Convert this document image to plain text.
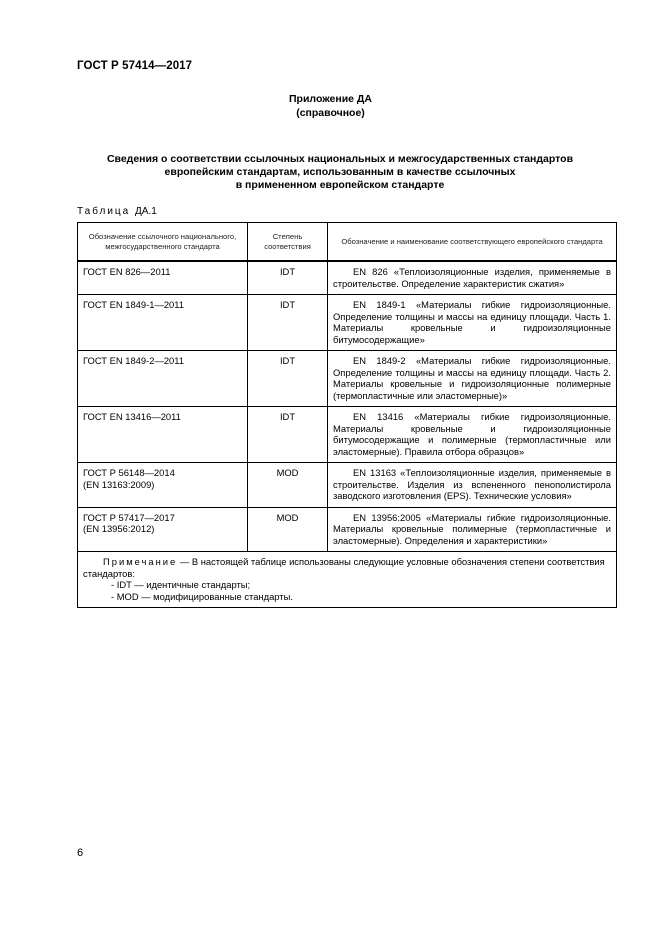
ГОСТ Р 57414—2017
Приложение ДА
(справочное)
Сведения о соответствии ссылочных национальных и межгосударственных стандартов
европейским стандартам, использованным в качестве ссылочных
в примененном европейском стандарте
Таблица ДА.1
Обозначение ссылочного национального, межгосударственного стандарта	Степень соответствия	Обозначение и наименование соответствующего европейского стандарта

ГОСТ EN 826—2011	IDT	EN 826 «Теплоизоляционные изделия, применяемые в строительстве. Определение характеристик сжатия»

ГОСТ EN 1849-1—2011	IDT	EN 1849-1 «Материалы гибкие гидроизоляционные. Определение толщины и массы на единицу площади. Часть 1. Материалы кровельные и гидроизоляционные битумосодержащие»

ГОСТ EN 1849-2—2011	IDT	EN 1849-2 «Материалы гибкие гидроизоляционные. Определение толщины и массы на единицу площади. Часть 2. Материалы кровельные и гидроизоляционные полимерные (термопластичные или эластомерные)»

ГОСТ EN 13416—2011	IDT	EN 13416 «Материалы гибкие гидроизоляционные. Материалы кровельные и гидроизоляционные битумосодержащие и полимерные (термопластичные или эластомерные). Правила отбора образцов»

ГОСТ Р 56148—2014
(EN 13163:2009)	MOD	EN 13163 «Теплоизоляционные изделия, применяемые в строительстве. Изделия из вспененного пенополистирола заводского изготовления (EPS). Технические условия»

ГОСТ Р 57417—2017
(EN 13956:2012)	MOD	EN 13956:2005 «Материалы гибкие гидроизоляционные. Материалы кровельные полимерные (термопластичные и эластомерные). Определения и характеристики»

Примечание — В настоящей таблице использованы следующие условные обозначения степени соответствия стандартов:
- IDT — идентичные стандарты;
- MOD — модифицированные стандарты.		
6
